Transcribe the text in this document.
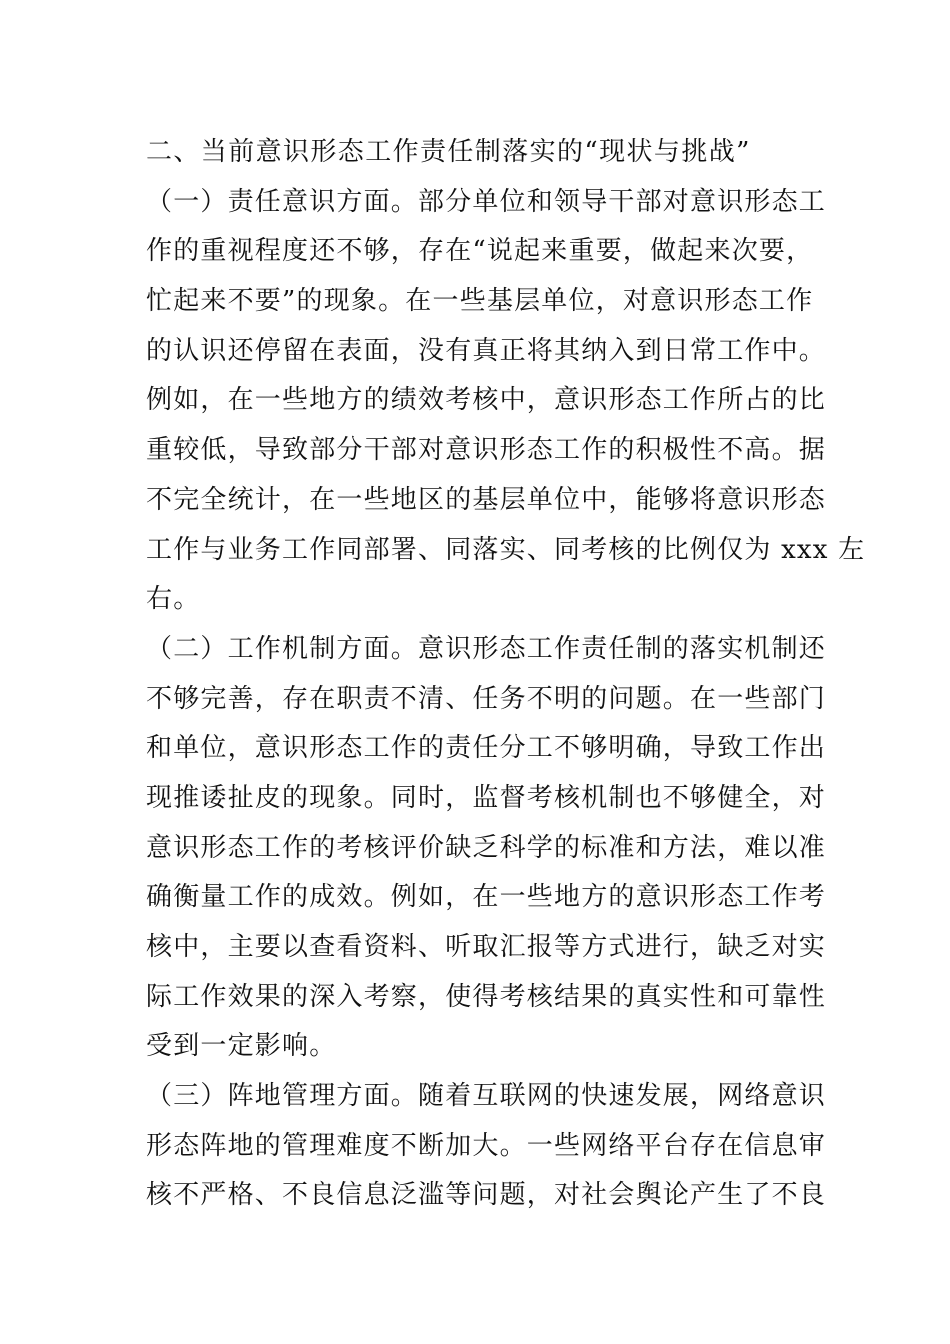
二、当前意识形态工作责任制落实的“现状与挑战”
（一）责任意识方面。部分单位和领导干部对意识形态工
作的重视程度还不够，存在“说起来重要，做起来次要，
忙起来不要”的现象。在一些基层单位，对意识形态工作
的认识还停留在表面，没有真正将其纳入到日常工作中。
例如，在一些地方的绩效考核中，意识形态工作所占的比
重较低，导致部分干部对意识形态工作的积极性不高。据
不完全统计，在一些地区的基层单位中，能够将意识形态
工作与业务工作同部署、同落实、同考核的比例仅为 xxx 左
右。
（二）工作机制方面。意识形态工作责任制的落实机制还
不够完善，存在职责不清、任务不明的问题。在一些部门
和单位，意识形态工作的责任分工不够明确，导致工作出
现推诿扯皮的现象。同时，监督考核机制也不够健全，对
意识形态工作的考核评价缺乏科学的标准和方法，难以准
确衡量工作的成效。例如，在一些地方的意识形态工作考
核中，主要以查看资料、听取汇报等方式进行，缺乏对实
际工作效果的深入考察，使得考核结果的真实性和可靠性
受到一定影响。
（三）阵地管理方面。随着互联网的快速发展，网络意识
形态阵地的管理难度不断加大。一些网络平台存在信息审
核不严格、不良信息泛滥等问题，对社会舆论产生了不良
